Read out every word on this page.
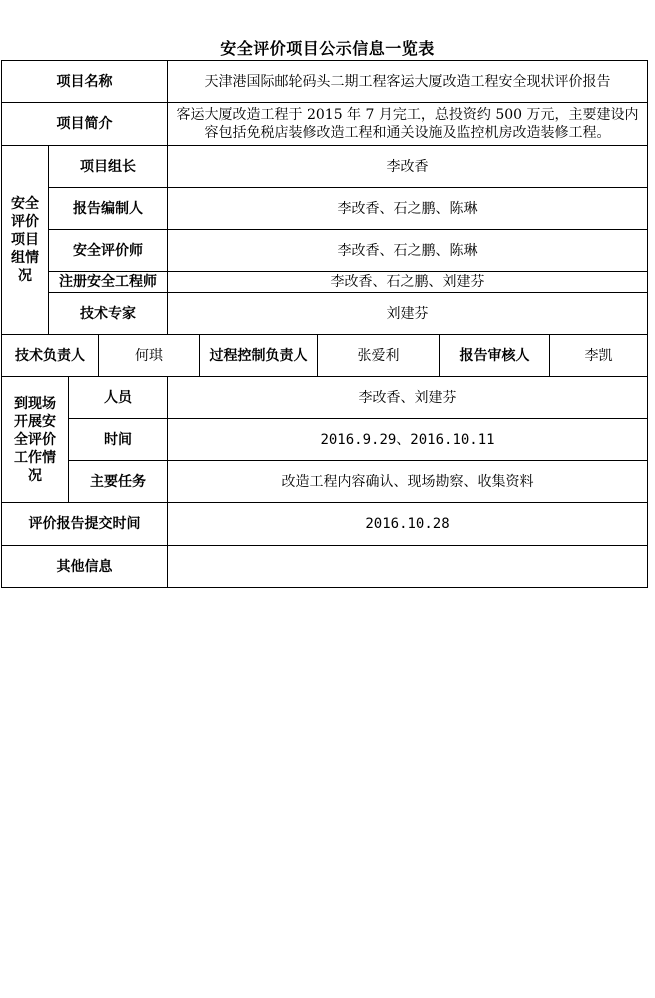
安全评价项目公示信息一览表
项目名称				天津港国际邮轮码头二期工程客运大厦改造工程安全现状评价报告				
项目简介				客运大厦改造工程于 2015 年 7 月完工，总投资约 500 万元，主要建设内容包括免税店装修改造工程和通关设施及监控机房改造装修工程。				
安全
评价
项目
组情
况	项目组长			李改香				
	报告编制人			李改香、石之鹏、陈琳				
	安全评价师			李改香、石之鹏、陈琳				
	注册安全工程师			李改香、石之鹏、刘建芬				
	技术专家			刘建芬				
技术负责人			何琪		过程控制负责人	张爱利	报告审核人	李凯
到现场
开展安
全评价
工作情
况		人员		李改香、刘建芬				
		时间		2016.9.29、2016.10.11				
		主要任务		改造工程内容确认、现场勘察、收集资料				
评价报告提交时间				2016.10.28				
其他信息								
